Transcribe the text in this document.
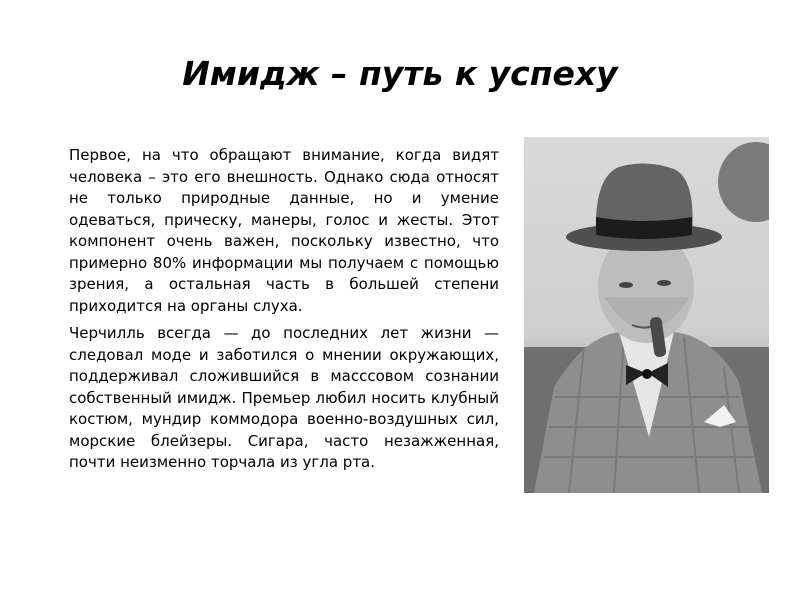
Имидж – путь к успеху

Первое, на что обращают внимание, когда видят человека – это его внешность. Однако сюда относят не только природные данные, но и умение одеваться, прическу, манеры, голос и жесты. Этот компонент очень важен, поскольку известно, что примерно 80% информации мы получаем с помощью зрения, а остальная часть в большей степени приходится на органы слуха.

Черчилль всегда — до последних лет жизни — следовал моде и заботился о мнении окружающих, поддерживал сложившийся в масссовом сознании собственный имидж. Премьер любил носить клубный костюм, мундир коммодора военно-воздушных сил, морские блейзеры. Сигара, часто незажженная, почти неизменно торчала из угла рта.
